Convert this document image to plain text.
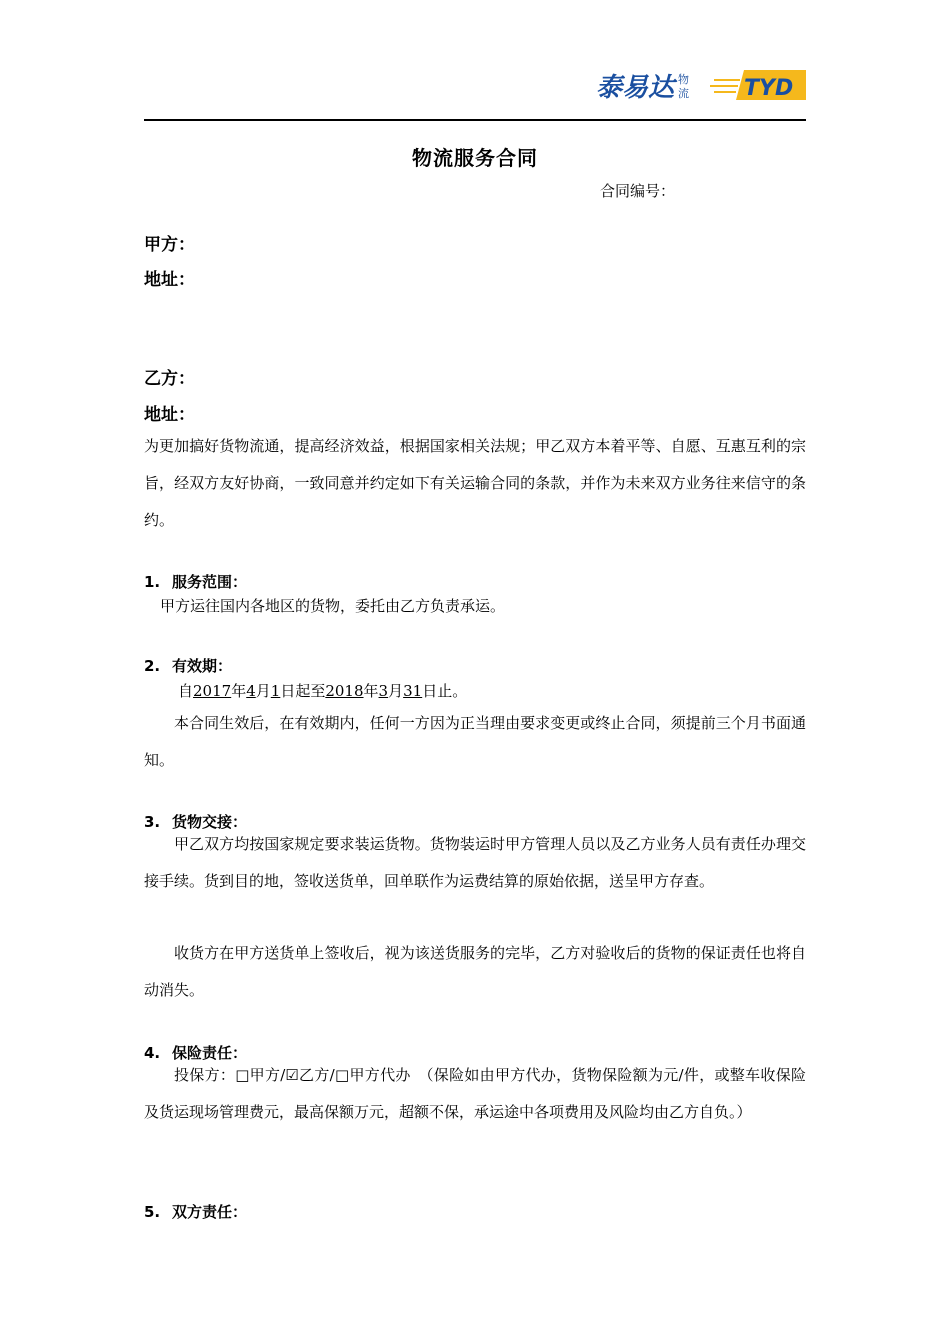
泰易达 物
流	TYD
物流服务合同
合同编号：
甲方：
地址：
乙方：
地址：
为更加搞好货物流通，提高经济效益，根据国家相关法规；甲乙双方本着平等、自愿、互惠互利的宗旨，经双方友好协商，一致同意并约定如下有关运输合同的条款，并作为未来双方业务往来信守的条约。
1. 服务范围：
甲方运往国内各地区的货物，委托由乙方负责承运。
2. 有效期：
自2017年4月1日起至2018年3月31日止。
本合同生效后，在有效期内，任何一方因为正当理由要求变更或终止合同，须提前三个月书面通知。
3. 货物交接：
甲乙双方均按国家规定要求装运货物。货物装运时甲方管理人员以及乙方业务人员有责任办理交接手续。货到目的地，签收送货单，回单联作为运费结算的原始依据，送呈甲方存查。
收货方在甲方送货单上签收后，视为该送货服务的完毕，乙方对验收后的货物的保证责任也将自动消失。
4. 保险责任：
投保方：□甲方/☑乙方/□甲方代办　（保险如由甲方代办，货物保险额为元/件，或整车收保险及货运现场管理费元，最高保额万元，超额不保，承运途中各项费用及风险均由乙方自负。）
5. 双方责任：
